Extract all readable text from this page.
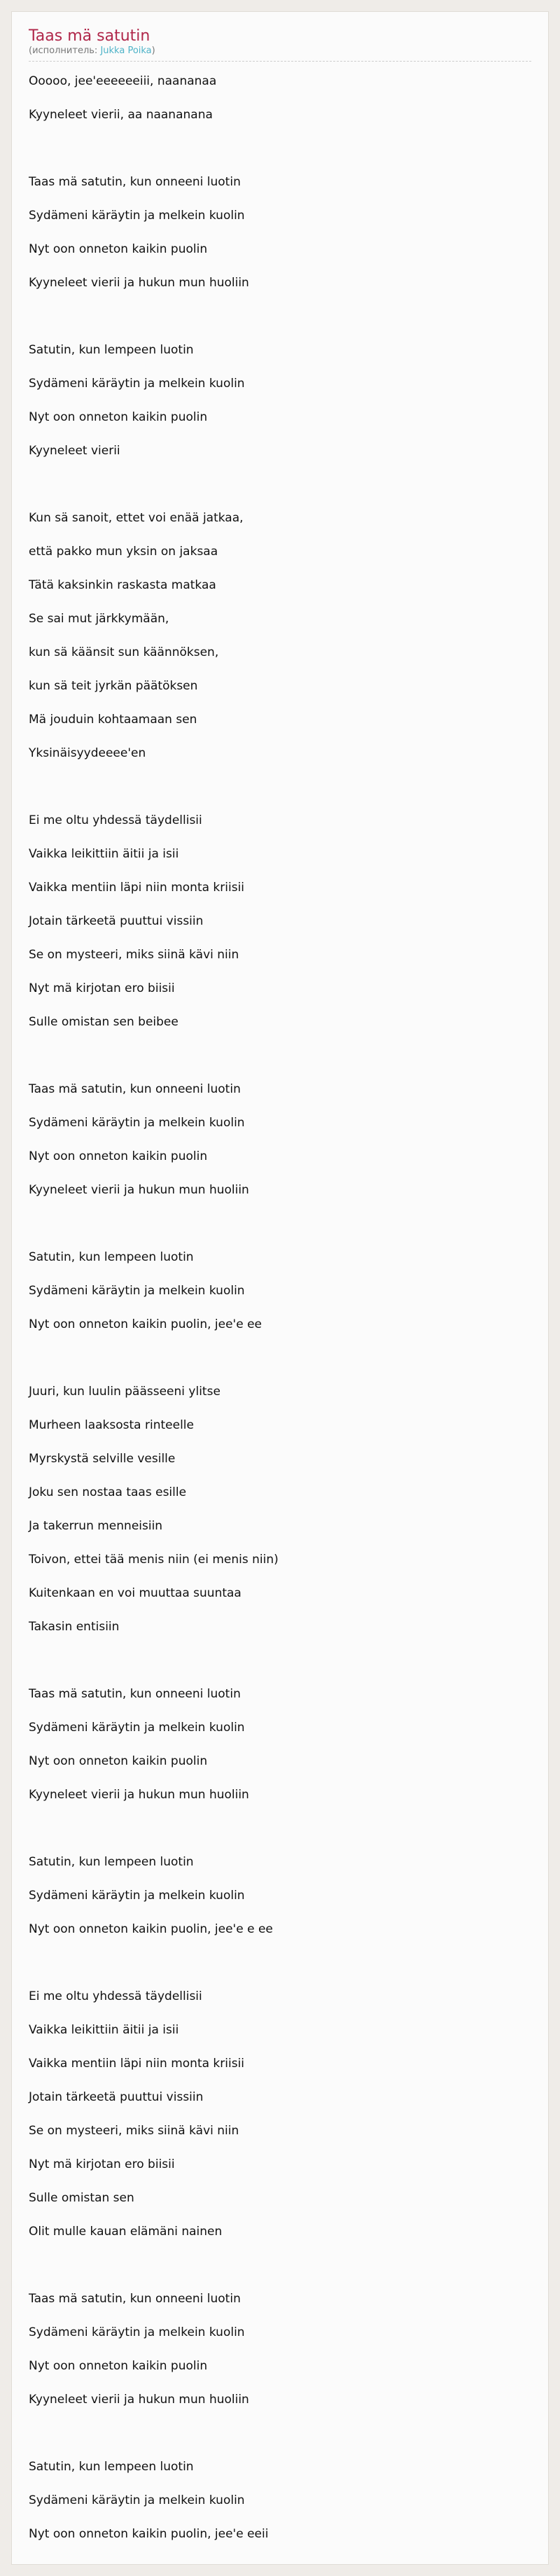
Taas mä satutin
(исполнитель: Jukka Poika)
Ooooo, jee'eeeeeeiii, naananaa
Kyyneleet vierii, aa naananana
Taas mä satutin, kun onneeni luotin
Sydämeni käräytin ja melkein kuolin
Nyt oon onneton kaikin puolin
Kyyneleet vierii ja hukun mun huoliin
Satutin, kun lempeen luotin
Sydämeni käräytin ja melkein kuolin
Nyt oon onneton kaikin puolin
Kyyneleet vierii
Kun sä sanoit, ettet voi enää jatkaa,
että pakko mun yksin on jaksaa
Tätä kaksinkin raskasta matkaa
Se sai mut järkkymään,
kun sä käänsit sun käännöksen,
kun sä teit jyrkän päätöksen
Mä jouduin kohtaamaan sen
Yksinäisyydeeee'en
Ei me oltu yhdessä täydellisii
Vaikka leikittiin äitii ja isii
Vaikka mentiin läpi niin monta kriisii
Jotain tärkeetä puuttui vissiin
Se on mysteeri, miks siinä kävi niin
Nyt mä kirjotan ero biisii
Sulle omistan sen beibee
Taas mä satutin, kun onneeni luotin
Sydämeni käräytin ja melkein kuolin
Nyt oon onneton kaikin puolin
Kyyneleet vierii ja hukun mun huoliin
Satutin, kun lempeen luotin
Sydämeni käräytin ja melkein kuolin
Nyt oon onneton kaikin puolin, jee'e ee
Juuri, kun luulin päässeeni ylitse
Murheen laaksosta rinteelle
Myrskystä selville vesille
Joku sen nostaa taas esille
Ja takerrun menneisiin
Toivon, ettei tää menis niin (ei menis niin)
Kuitenkaan en voi muuttaa suuntaa
Takasin entisiin
Taas mä satutin, kun onneeni luotin
Sydämeni käräytin ja melkein kuolin
Nyt oon onneton kaikin puolin
Kyyneleet vierii ja hukun mun huoliin
Satutin, kun lempeen luotin
Sydämeni käräytin ja melkein kuolin
Nyt oon onneton kaikin puolin, jee'e e ee
Ei me oltu yhdessä täydellisii
Vaikka leikittiin äitii ja isii
Vaikka mentiin läpi niin monta kriisii
Jotain tärkeetä puuttui vissiin
Se on mysteeri, miks siinä kävi niin
Nyt mä kirjotan ero biisii
Sulle omistan sen
Olit mulle kauan elämäni nainen
Taas mä satutin, kun onneeni luotin
Sydämeni käräytin ja melkein kuolin
Nyt oon onneton kaikin puolin
Kyyneleet vierii ja hukun mun huoliin
Satutin, kun lempeen luotin
Sydämeni käräytin ja melkein kuolin
Nyt oon onneton kaikin puolin, jee'e eeii
